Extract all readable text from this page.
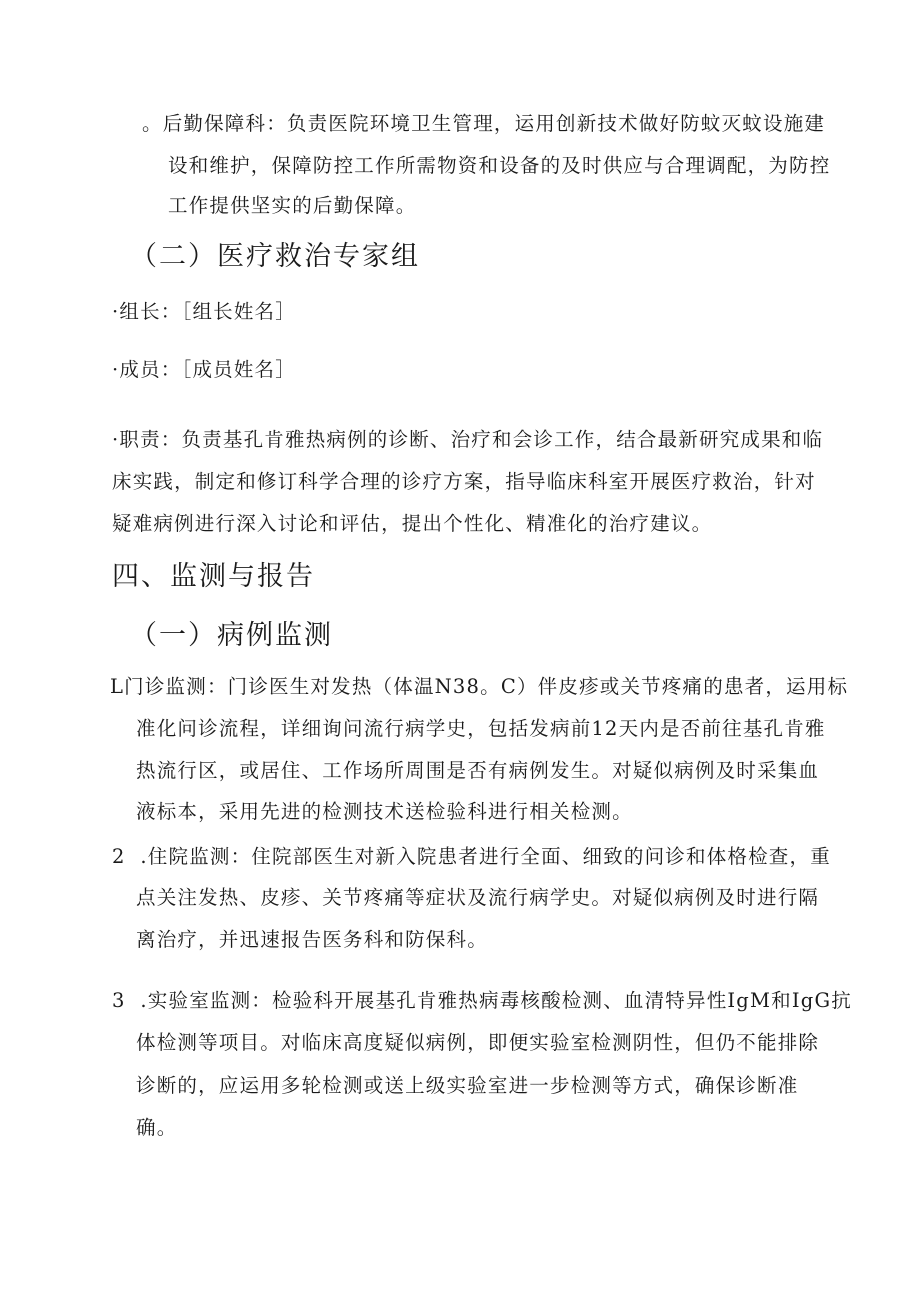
。后勤保障科：负责医院环境卫生管理，运用创新技术做好防蚊灭蚊设施建
设和维护，保障防控工作所需物资和设备的及时供应与合理调配，为防控
工作提供坚实的后勤保障。
（二）医疗救治专家组
·组长：［组长姓名］
·成员：［成员姓名］
·职责：负责基孔肯雅热病例的诊断、治疗和会诊工作，结合最新研究成果和临
床实践，制定和修订科学合理的诊疗方案，指导临床科室开展医疗救治，针对
疑难病例进行深入讨论和评估，提出个性化、精准化的治疗建议。
四、监测与报告
（一）病例监测
L门诊监测：门诊医生对发热（体温N38。C）伴皮疹或关节疼痛的患者，运用标
准化问诊流程，详细询问流行病学史，包括发病前12天内是否前往基孔肯雅
热流行区，或居住、工作场所周围是否有病例发生。对疑似病例及时采集血
液标本，采用先进的检测技术送检验科进行相关检测。
2  .住院监测：住院部医生对新入院患者进行全面、细致的问诊和体格检查，重
点关注发热、皮疹、关节疼痛等症状及流行病学史。对疑似病例及时进行隔
离治疗，并迅速报告医务科和防保科。
3  .实验室监测：检验科开展基孔肯雅热病毒核酸检测、血清特异性IgM和IgG抗
体检测等项目。对临床高度疑似病例，即便实验室检测阴性，但仍不能排除
诊断的，应运用多轮检测或送上级实验室进一步检测等方式，确保诊断准
确。
